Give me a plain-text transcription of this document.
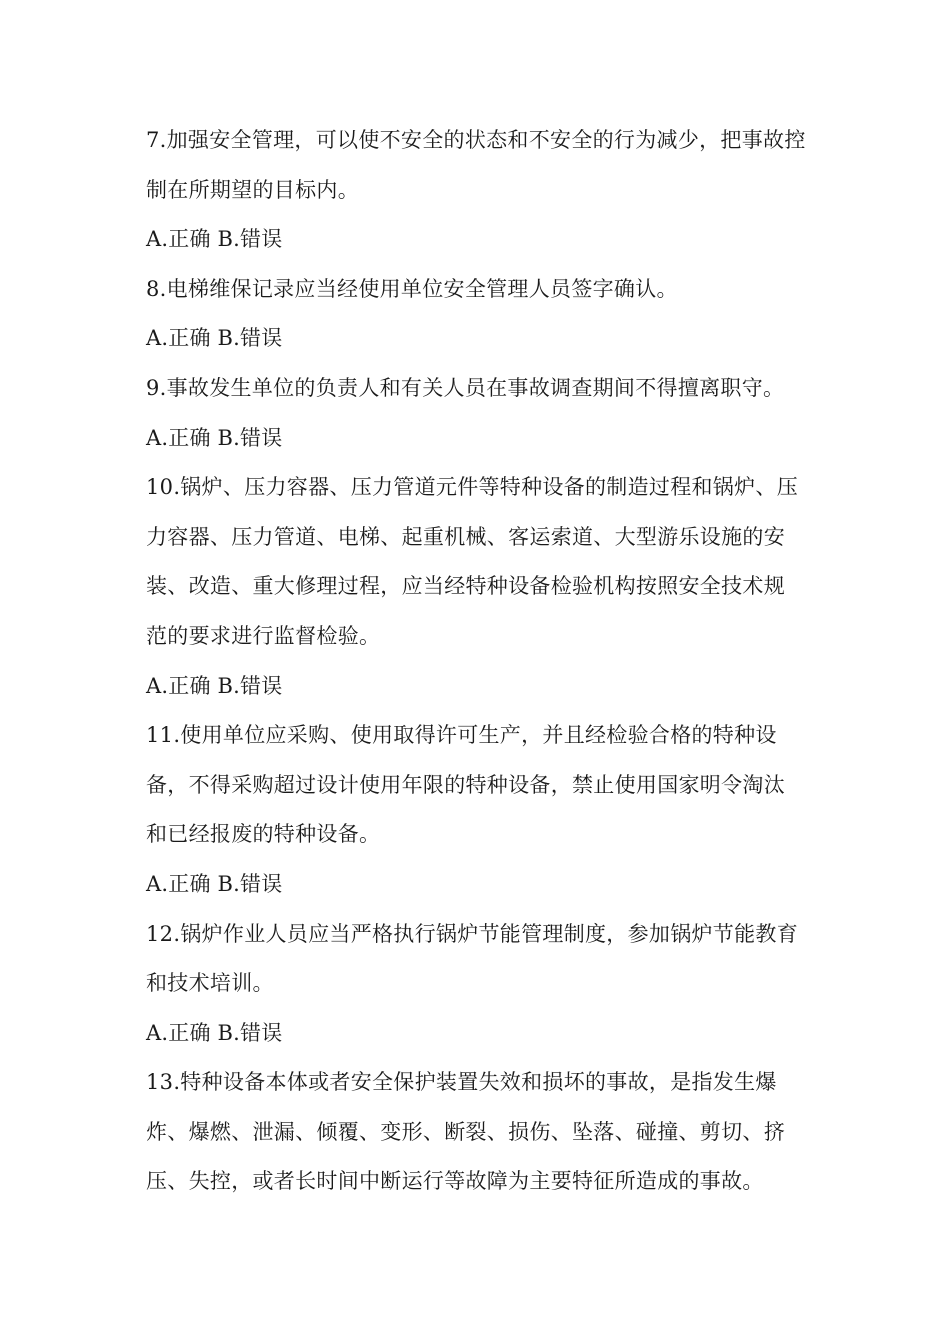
7.加强安全管理，可以使不安全的状态和不安全的行为减少，把事故控
制在所期望的目标内。
A.正确 B.错误
8.电梯维保记录应当经使用单位安全管理人员签字确认。
A.正确 B.错误
9.事故发生单位的负责人和有关人员在事故调查期间不得擅离职守。
A.正确 B.错误
10.锅炉、压力容器、压力管道元件等特种设备的制造过程和锅炉、压
力容器、压力管道、电梯、起重机械、客运索道、大型游乐设施的安
装、改造、重大修理过程，应当经特种设备检验机构按照安全技术规
范的要求进行监督检验。
A.正确 B.错误
11.使用单位应采购、使用取得许可生产，并且经检验合格的特种设
备，不得采购超过设计使用年限的特种设备，禁止使用国家明令淘汰
和已经报废的特种设备。
A.正确 B.错误
12.锅炉作业人员应当严格执行锅炉节能管理制度，参加锅炉节能教育
和技术培训。
A.正确 B.错误
13.特种设备本体或者安全保护装置失效和损坏的事故，是指发生爆
炸、爆燃、泄漏、倾覆、变形、断裂、损伤、坠落、碰撞、剪切、挤
压、失控，或者长时间中断运行等故障为主要特征所造成的事故。
